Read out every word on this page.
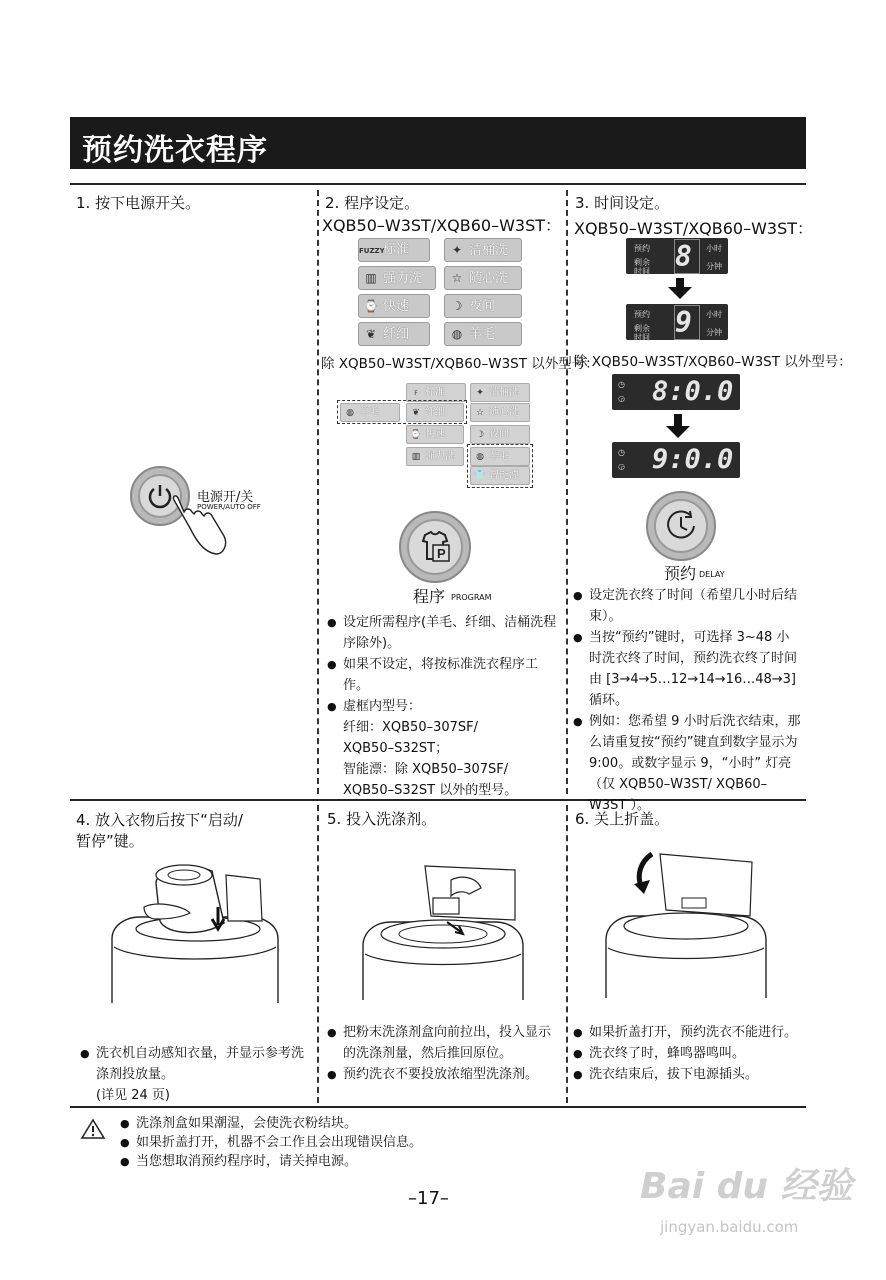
预约洗衣程序
1. 按下电源开关。
电源开/关
POWER/AUTO OFF
2. 程序设定。
XQB50–W3ST/XQB60–W3ST：
FUZZY标准	✦ 洁桶洗
▥ 强力洗	☆ 随心洗
⌚ 快速	☽ 夜间
❦ 纤细	◍ 羊毛
除 XQB50–W3ST/XQB60–W3ST 以外型号：
F 标准	✦ 洁桶洗
◍ 羊毛	❦ 纤细	☆ 随心洗
⌚ 快速	☽ 夜间
▥ 强力洗	◍ 羊毛
👕 智能漂
P
程序 PROGRAM
● 设定所需程序(羊毛、纤细、洁桶洗程序除外)。
● 如果不设定，将按标准洗衣程序工作。
● 虚框内型号：
纤细：XQB50–307SF/
XQB50–S32ST；
智能漂：除 XQB50–307SF/
XQB50–S32ST 以外的型号。
3. 时间设定。
XQB50–W3ST/XQB60–W3ST：
预约
剩余时间 8	小时
分钟
预约
剩余时间 9	小时
分钟
除 XQB50–W3ST/XQB60–W3ST 以外型号：
◷
◶ 8:0.0
◷
◶ 9:0.0
预约 DELAY
● 设定洗衣终了时间（希望几小时后结束）。
● 当按“预约”键时，可选择 3~48 小时洗衣终了时间，预约洗衣终了时间由 [3→4→5…12→14→16…48→3]循环。
● 例如：您希望 9 小时后洗衣结束，那么请重复按“预约”键直到数字显示为 9:00。或数字显示 9，“小时” 灯亮（仅 XQB50–W3ST/ XQB60–W3ST ）。
4. 放入衣物后按下“启动/
暂停”键。

● 洗衣机自动感知衣量，并显示参考洗涤剂投放量。
(详见 24 页)

5. 投入洗涤剂。
● 把粉末洗涤剂盒向前拉出，投入显示的洗涤剂量，然后推回原位。
● 预约洗衣不要投放浓缩型洗涤剂。
6. 关上折盖。
● 如果折盖打开，预约洗衣不能进行。
● 洗衣终了时，蜂鸣器鸣叫。
● 洗衣结束后，拔下电源插头。
● 洗涤剂盒如果潮湿，会使洗衣粉结块。
● 如果折盖打开，机器不会工作且会出现错误信息。
● 当您想取消预约程序时，请关掉电源。
–17–	Bai du 经验
jingyan.baidu.com
